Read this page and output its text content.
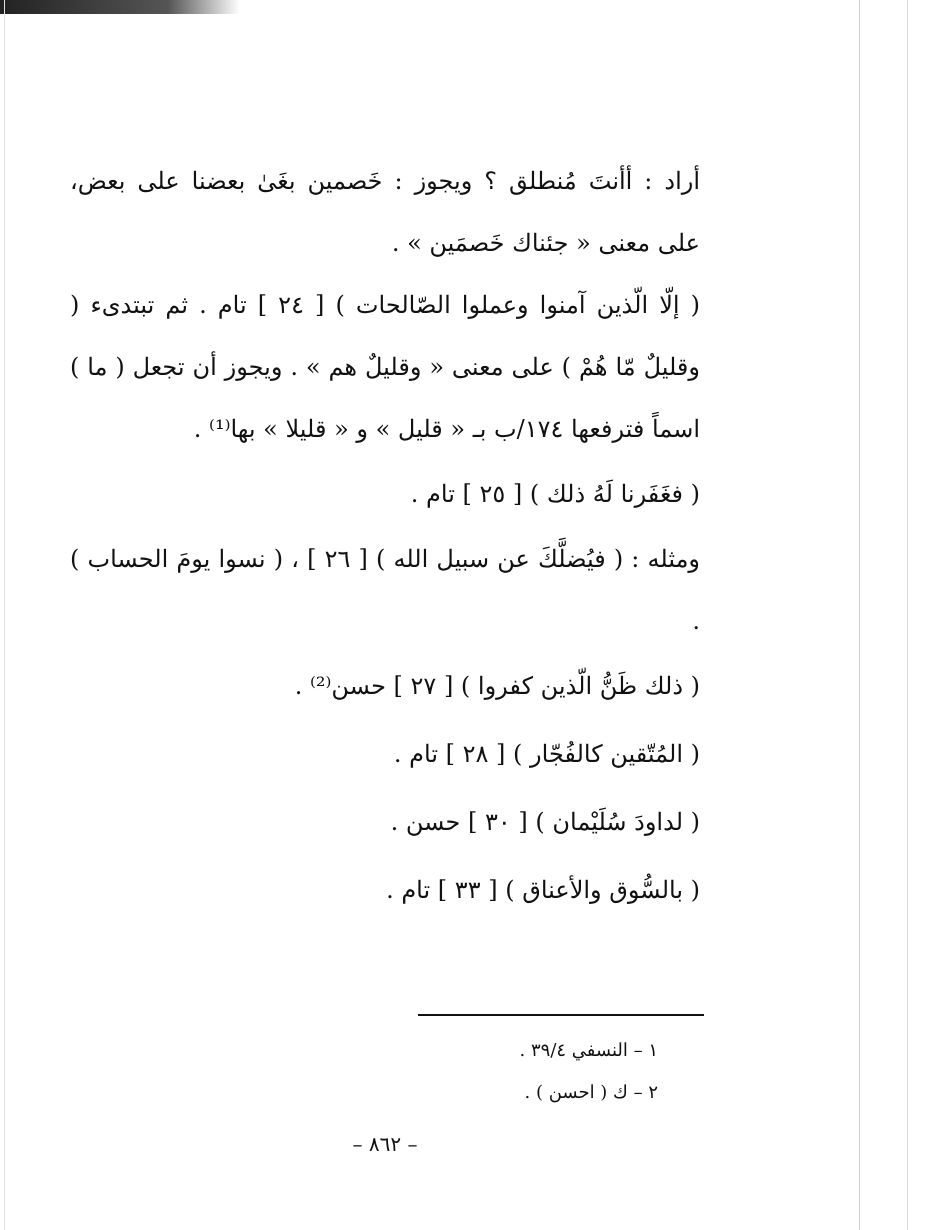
أراد : أأنتَ مُنطلق ؟ ويجوز : خَصمين بغَىٰ بعضنا على بعض، على معنى « جئناك خَصمَين » .

( إلّا الّذين آمنوا وعملوا الصّالحات ) [ ٢٤ ] تام . ثم تبتدىء ( وقليلٌ مّا هُمْ ) على معنى « وقليلٌ هم » . ويجوز أن تجعل ( ما ) اسماً فترفعها ١٧٤/ب بـ « قليل » و « قليلا » بها⁽¹⁾ .

( فغَفَرنا لَهُ ذلك ) [ ٢٥ ] تام .

ومثله : ( فيُضلَّكَ عن سبيل الله ) [ ٢٦ ] ، ( نسوا يومَ الحساب ) .

( ذلك ظَنُّ الّذين كفروا ) [ ٢٧ ] حسن⁽²⁾ .

( المُتّقين كالفُجّار ) [ ٢٨ ] تام .

( لداودَ سُلَيْمان ) [ ٣٠ ] حسن .

( بالسُّوق والأعناق ) [ ٣٣ ] تام .

١ – النسفي ٣٩/٤ .
٢ – ك ( احسن ) .
– ٨٦٢ –
